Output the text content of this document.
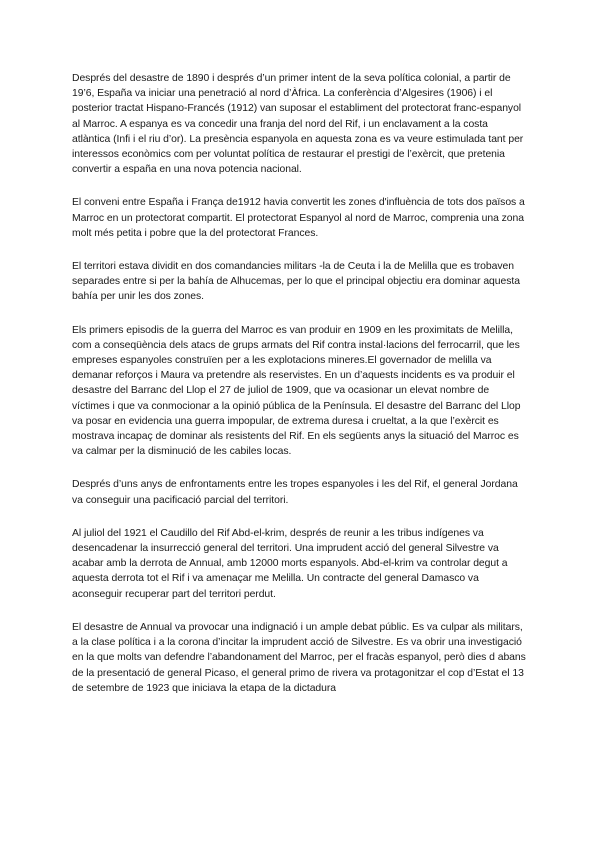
Després del desastre de 1890 i després d’un primer intent de la seva política colonial, a partir de 19’6, España va iniciar una penetració al nord d’Àfrica. La conferència d’Algesires (1906) i el posterior tractat Hispano-Francés (1912) van suposar el establiment del protectorat franc-espanyol al Marroc. A espanya es va concedir una franja del nord del Rif, i un enclavament a la costa atlàntica (Infi i el riu d’or). La presència espanyola en aquesta zona es va veure estimulada tant per interessos econòmics com per voluntat política de restaurar el prestigi de l’exèrcit, que pretenia convertir a españa en una nova potencia nacional.

El conveni entre España i França de1912 havia convertit les zones d'influència de tots dos països a Marroc en un protectorat compartit. El protectorat Espanyol al nord de Marroc, comprenia una zona molt més petita i pobre que la del protectorat Frances.

El territori estava dividit en dos comandancies militars -la de Ceuta i la de Melilla que es trobaven separades entre si per la bahía de Alhucemas, per lo que el principal objectiu era dominar aquesta bahía per unir les dos zones.

Els primers episodis de la guerra del Marroc es van produir en 1909 en les proximitats de Melilla, com a conseqüència dels atacs de grups armats del Rif contra instal·lacions del ferrocarril, que les empreses espanyoles construïen per a les explotacions mineres.El governador de melilla va demanar reforços i Maura va pretendre als reservistes. En un d’aquests incidents es va produir el desastre del Barranc del Llop el 27 de juliol de 1909, que va ocasionar un elevat nombre de víctimes i que va conmocionar a la opinió pública de la Península. El desastre del Barranc del Llop va posar en evidencia una guerra impopular, de extrema duresa i crueltat, a la que l’exèrcit es mostrava incapaç de dominar als resistents del Rif. En els següents anys la situació del Marroc es va calmar per la disminució de les cabiles locas.

Després d’uns anys de enfrontaments entre les tropes espanyoles i les del Rif, el general Jordana va conseguir una pacificació parcial del territori.

Al juliol del 1921 el Caudillo del Rif Abd-el-krim, després de reunir a les tribus indígenes va desencadenar la insurrecció general del territori. Una imprudent acció del general Silvestre va acabar amb la derrota de Annual, amb 12000 morts espanyols. Abd-el-krim va controlar degut a aquesta derrota tot el Rif i va amenaçar me Melilla. Un contracte del general Damasco va aconseguir recuperar part del territori perdut.

El desastre de Annual va provocar una indignació i un ample debat públic. Es va culpar als militars, a la clase política i a la corona d’incitar la imprudent acció de Silvestre. Es va obrir una investigació en la que molts van defendre l’abandonament del Marroc, per el fracàs espanyol, però dies d abans de la presentació de general Picaso, el general primo de rivera va protagonitzar el cop d’Estat el 13 de setembre de 1923 que iniciava la etapa de la dictadura
